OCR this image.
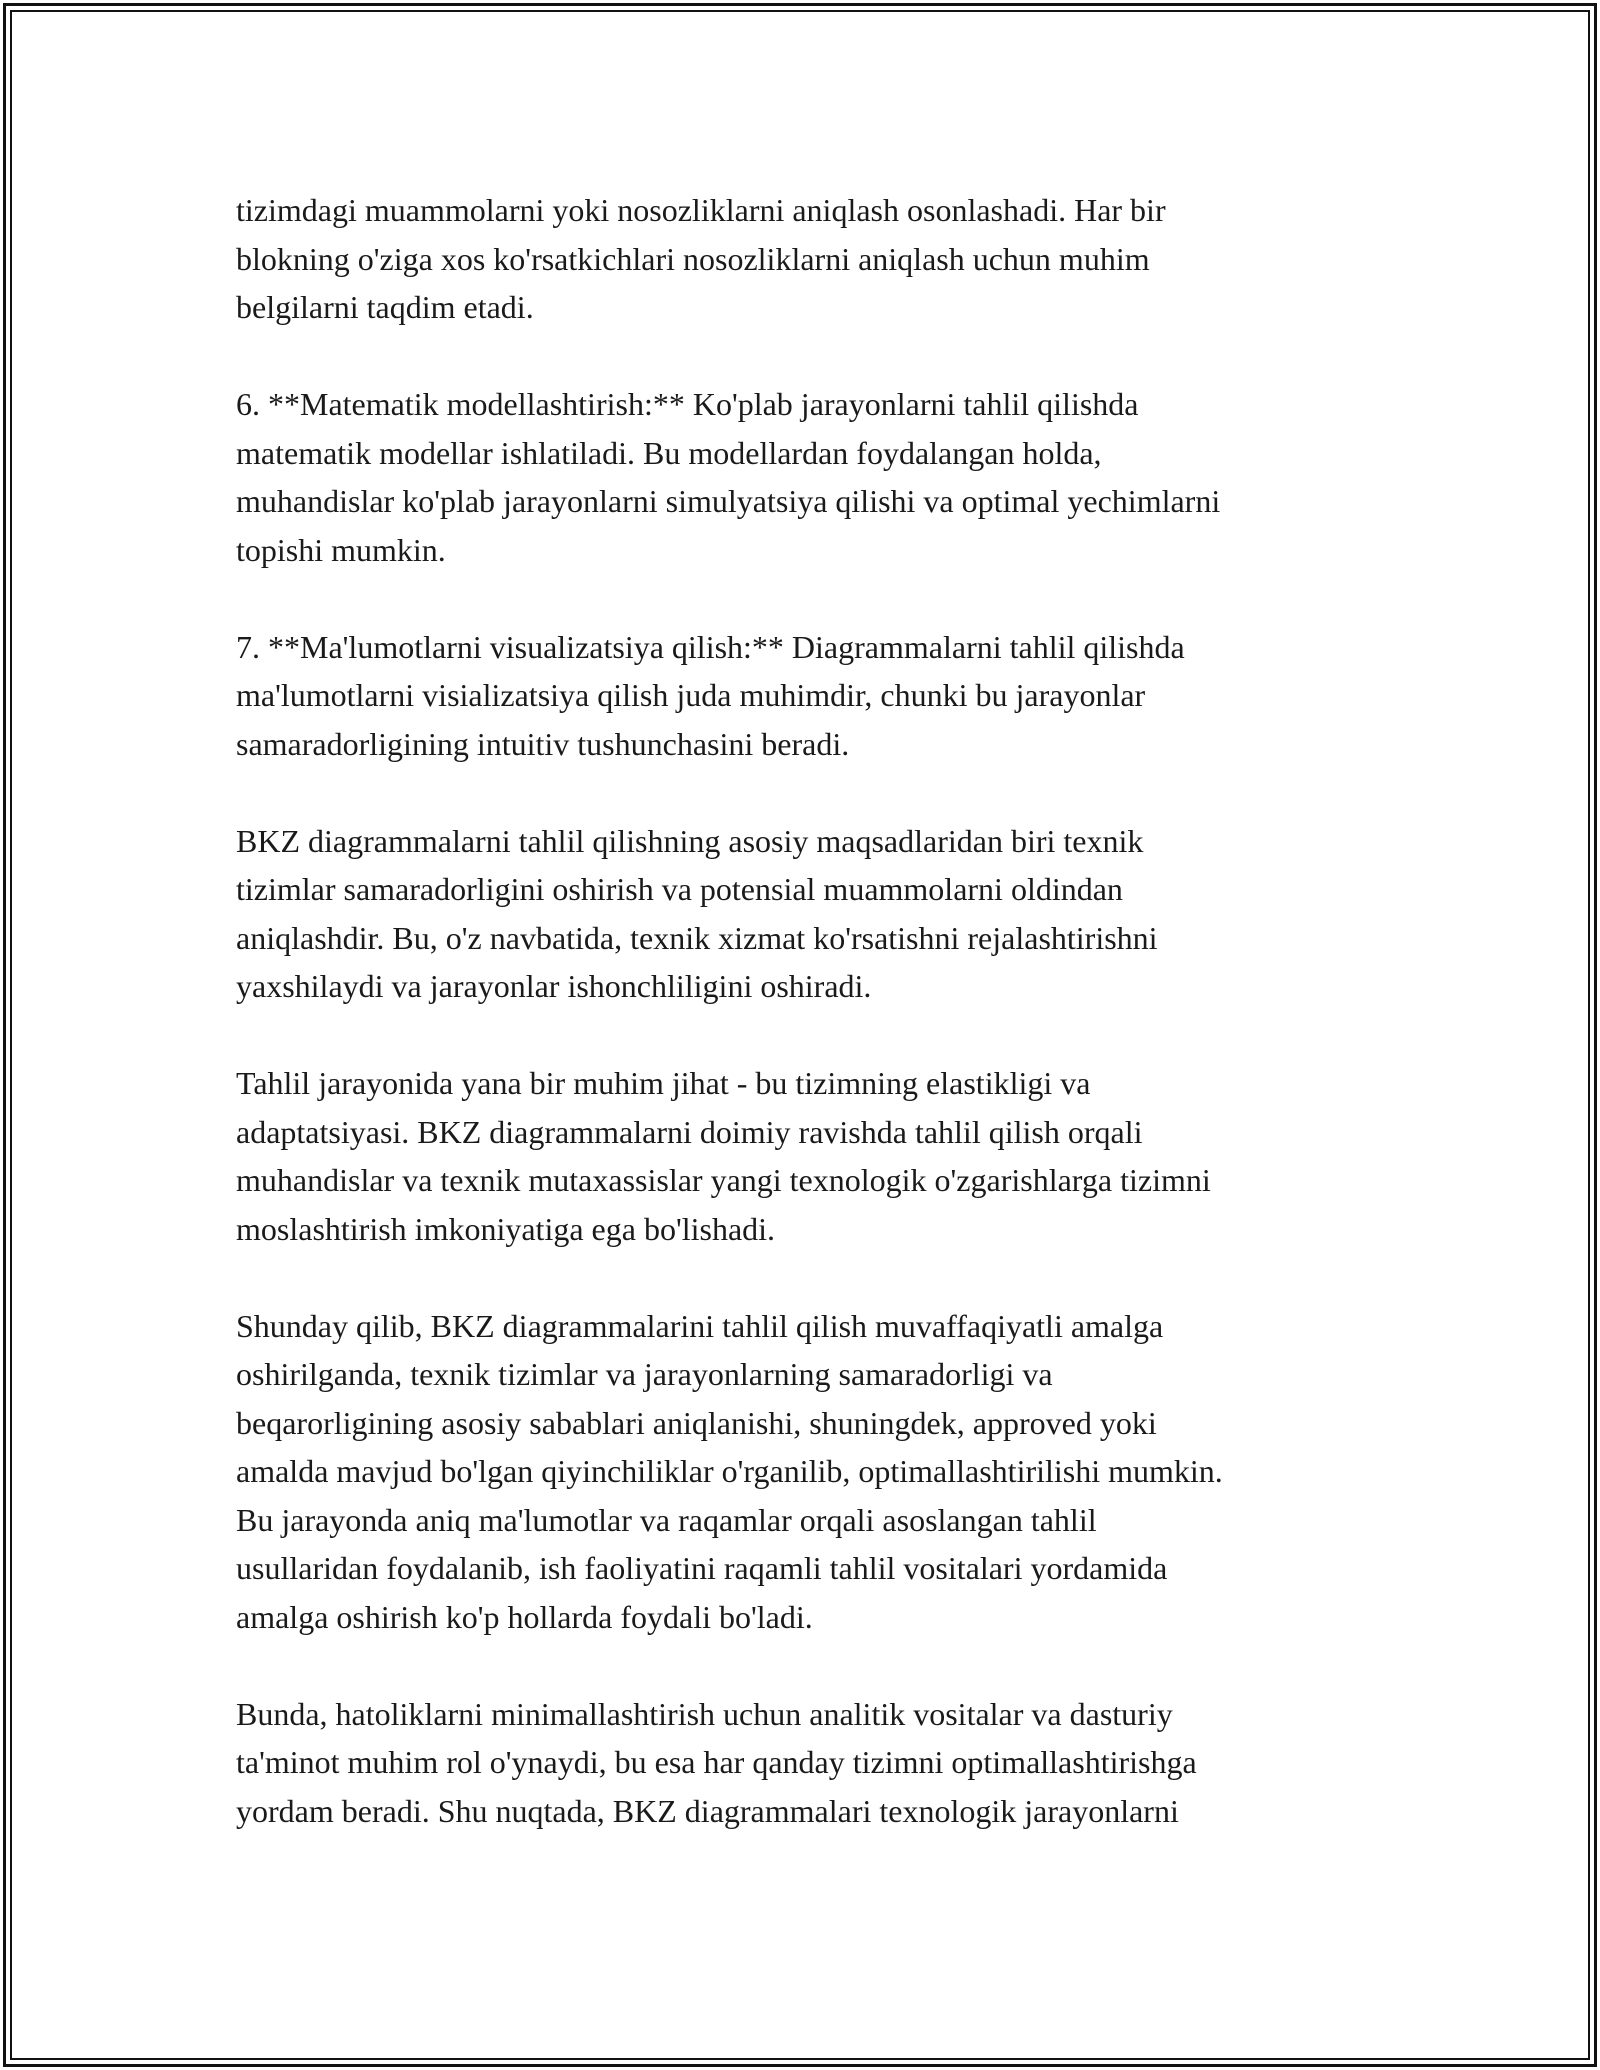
tizimdagi muammolarni yoki nosozliklarni aniqlash osonlashadi. Har bir
blokning o'ziga xos ko'rsatkichlari nosozliklarni aniqlash uchun muhim
belgilarni taqdim etadi.

6. **Matematik modellashtirish:** Ko'plab jarayonlarni tahlil qilishda
matematik modellar ishlatiladi. Bu modellardan foydalangan holda,
muhandislar ko'plab jarayonlarni simulyatsiya qilishi va optimal yechimlarni
topishi mumkin.

7. **Ma'lumotlarni visualizatsiya qilish:** Diagrammalarni tahlil qilishda
ma'lumotlarni visializatsiya qilish juda muhimdir, chunki bu jarayonlar
samaradorligining intuitiv tushunchasini beradi.

BKZ diagrammalarni tahlil qilishning asosiy maqsadlaridan biri texnik
tizimlar samaradorligini oshirish va potensial muammolarni oldindan
aniqlashdir. Bu, o'z navbatida, texnik xizmat ko'rsatishni rejalashtirishni
yaxshilaydi va jarayonlar ishonchliligini oshiradi.

Tahlil jarayonida yana bir muhim jihat - bu tizimning elastikligi va
adaptatsiyasi. BKZ diagrammalarni doimiy ravishda tahlil qilish orqali
muhandislar va texnik mutaxassislar yangi texnologik o'zgarishlarga tizimni
moslashtirish imkoniyatiga ega bo'lishadi.

Shunday qilib, BKZ diagrammalarini tahlil qilish muvaffaqiyatli amalga
oshirilganda, texnik tizimlar va jarayonlarning samaradorligi va
beqarorligining asosiy sabablari aniqlanishi, shuningdek, approved yoki
amalda mavjud bo'lgan qiyinchiliklar o'rganilib, optimallashtirilishi mumkin.
Bu jarayonda aniq ma'lumotlar va raqamlar orqali asoslangan tahlil
usullaridan foydalanib, ish faoliyatini raqamli tahlil vositalari yordamida
amalga oshirish ko'p hollarda foydali bo'ladi.

Bunda, hatoliklarni minimallashtirish uchun analitik vositalar va dasturiy
ta'minot muhim rol o'ynaydi, bu esa har qanday tizimni optimallashtirishga
yordam beradi. Shu nuqtada, BKZ diagrammalari texnologik jarayonlarni
